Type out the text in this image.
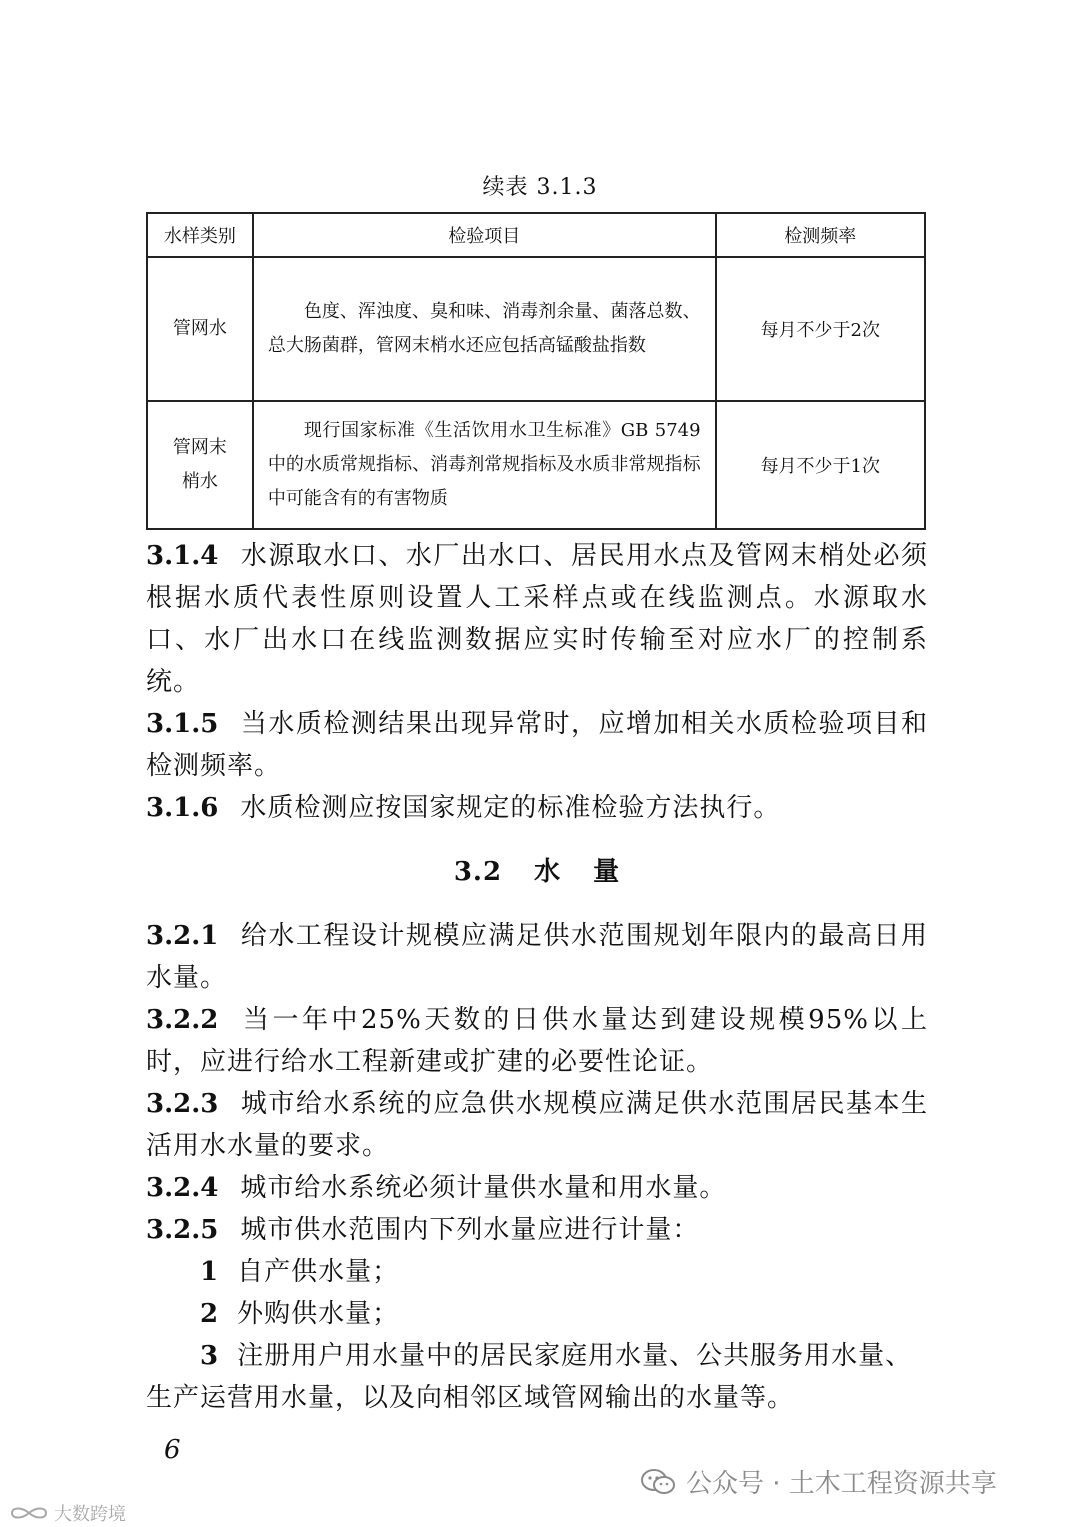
续表 3.1.3
水样类别	检验项目	检测频率
管网水	色度、浑浊度、臭和味、消毒剂余量、菌落总数、总大肠菌群，管网末梢水还应包括高锰酸盐指数	每月不少于2次
管网末梢水	现行国家标准《生活饮用水卫生标准》GB 5749中的水质常规指标、消毒剂常规指标及水质非常规指标中可能含有的有害物质	每月不少于1次

3.1.4 水源取水口、水厂出水口、居民用水点及管网末梢处必须根据水质代表性原则设置人工采样点或在线监测点。水源取水口、水厂出水口在线监测数据应实时传输至对应水厂的控制系统。

3.1.5 当水质检测结果出现异常时，应增加相关水质检验项目和检测频率。

3.1.6 水质检测应按国家规定的标准检验方法执行。

3.2 水 量

3.2.1 给水工程设计规模应满足供水范围规划年限内的最高日用水量。

3.2.2 当一年中25%天数的日供水量达到建设规模95%以上时，应进行给水工程新建或扩建的必要性论证。

3.2.3 城市给水系统的应急供水规模应满足供水范围居民基本生活用水水量的要求。

3.2.4 城市给水系统必须计量供水量和用水量。

3.2.5 城市供水范围内下列水量应进行计量：

1 自产供水量；

2 外购供水量；

3 注册用户用水量中的居民家庭用水量、公共服务用水量、

生产运营用水量，以及向相邻区域管网输出的水量等。

6
公众号 · 土木工程资源共享
大数跨境
